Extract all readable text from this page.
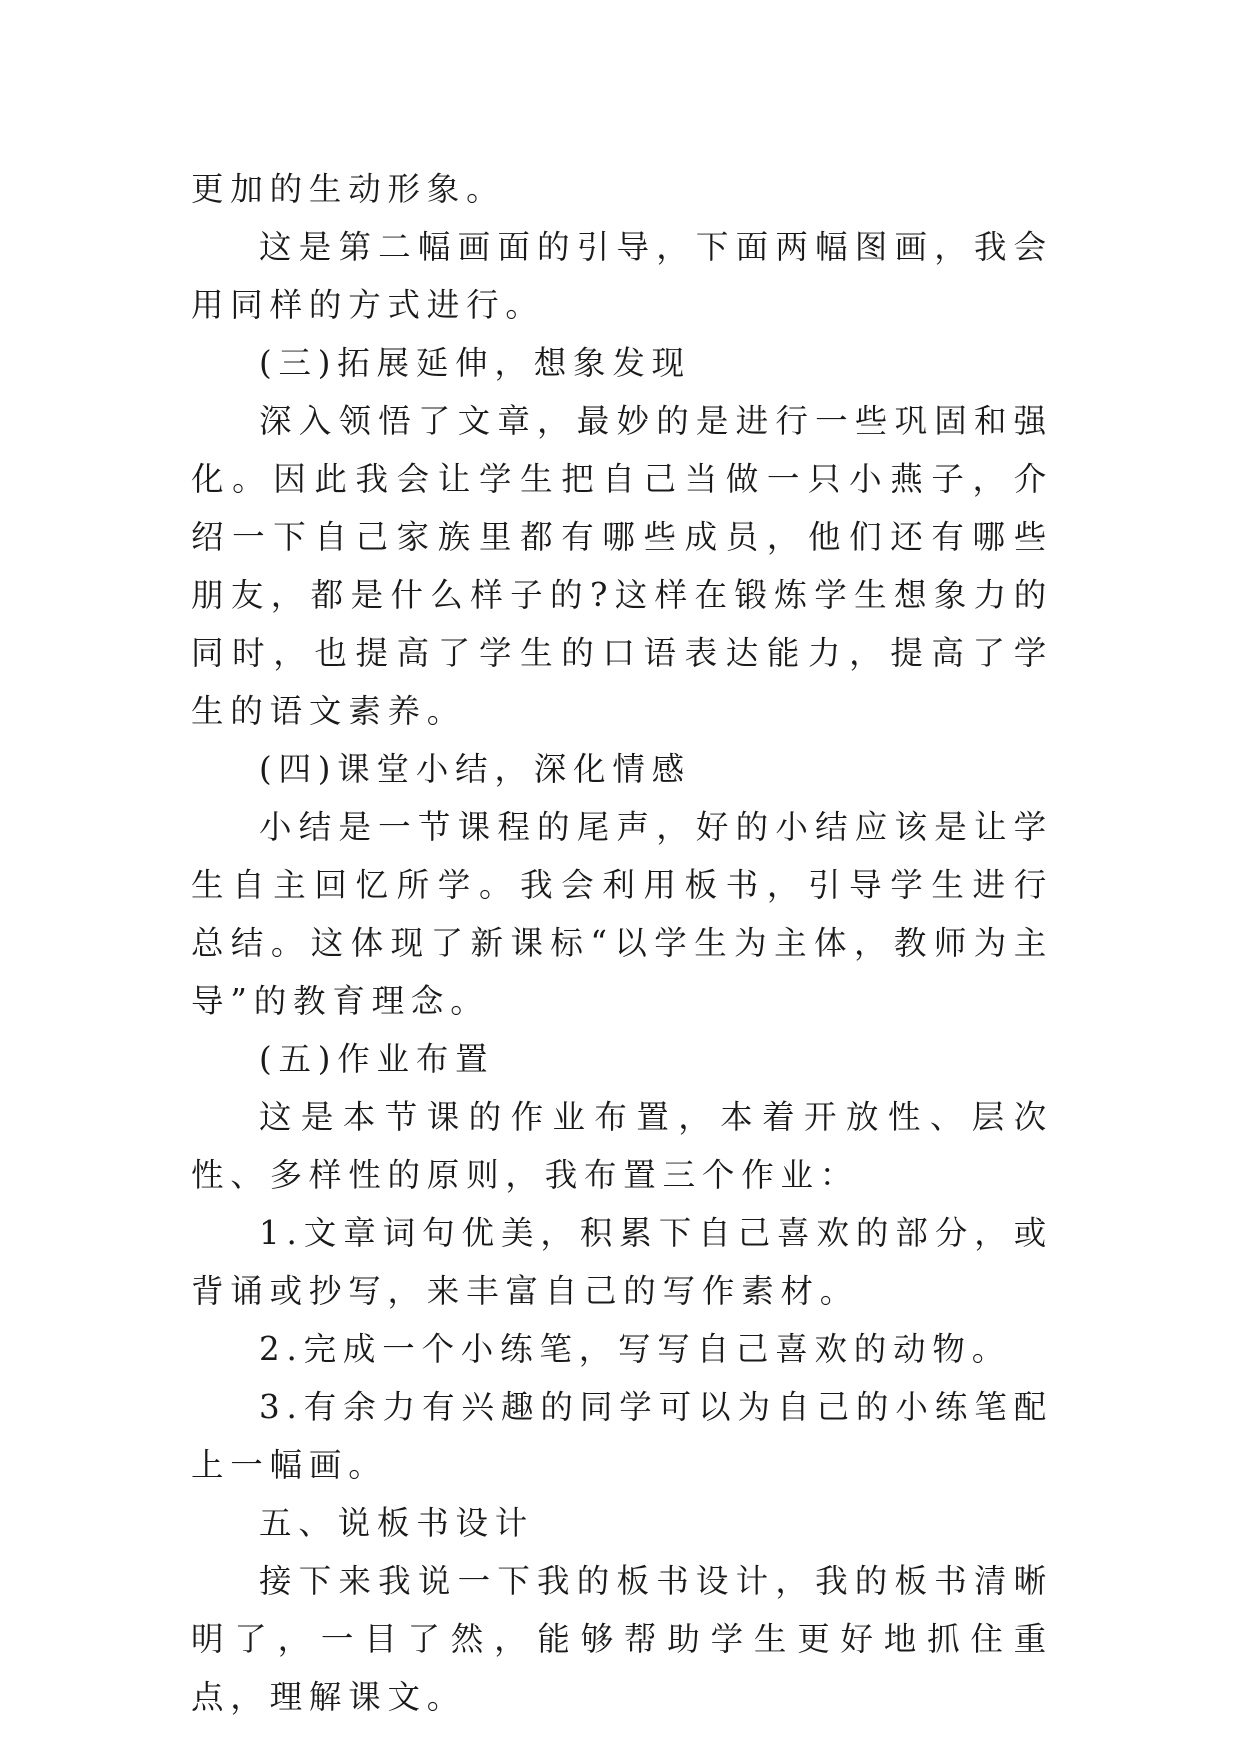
更加的生动形象。

这是第二幅画面的引导，下面两幅图画，我会用同样的方式进行。

(三)拓展延伸，想象发现

深入领悟了文章，最妙的是进行一些巩固和强化。因此我会让学生把自己当做一只小燕子，介绍一下自己家族里都有哪些成员，他们还有哪些朋友，都是什么样子的?这样在锻炼学生想象力的同时，也提高了学生的口语表达能力，提高了学生的语文素养。

(四)课堂小结，深化情感

小结是一节课程的尾声，好的小结应该是让学生自主回忆所学。我会利用板书，引导学生进行总结。这体现了新课标“以学生为主体，教师为主导”的教育理念。

(五)作业布置

这是本节课的作业布置，本着开放性、层次性、多样性的原则，我布置三个作业：

1.文章词句优美，积累下自己喜欢的部分，或背诵或抄写，来丰富自己的写作素材。

2.完成一个小练笔，写写自己喜欢的动物。

3.有余力有兴趣的同学可以为自己的小练笔配上一幅画。

五、说板书设计

接下来我说一下我的板书设计，我的板书清晰明了，一目了然，能够帮助学生更好地抓住重点，理解课文。
